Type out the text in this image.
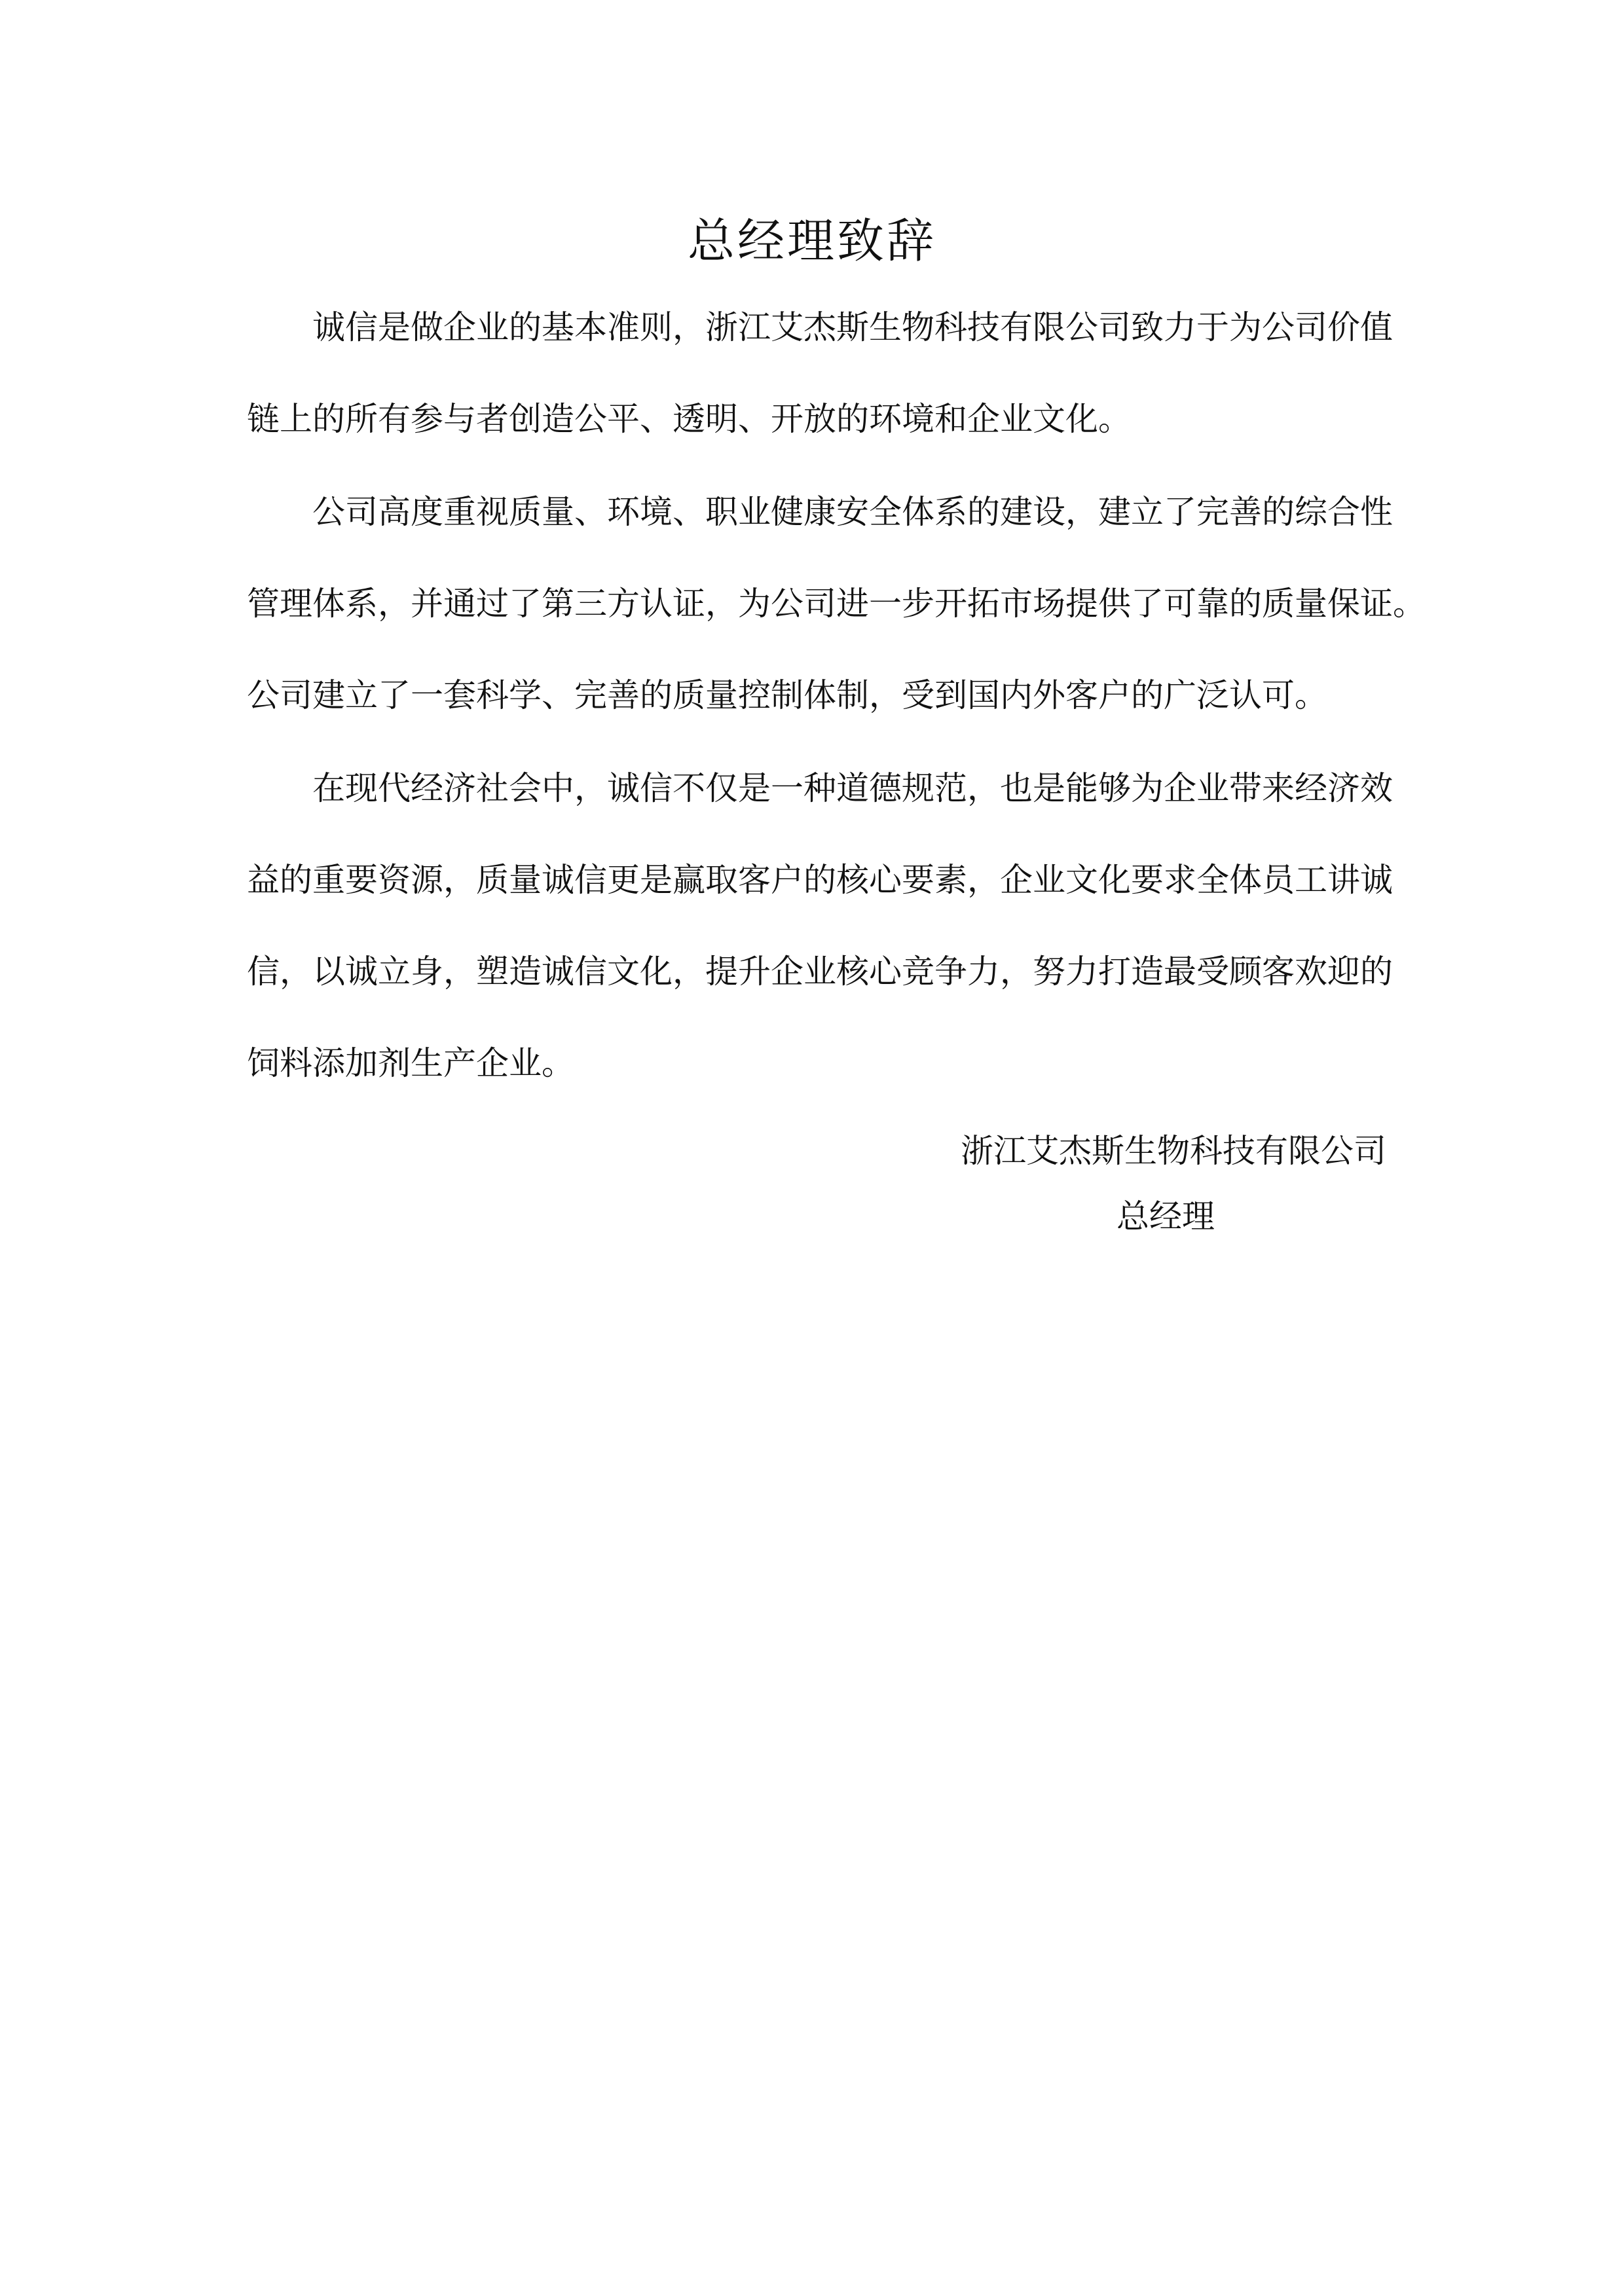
总经理致辞
诚信是做企业的基本准则，浙江艾杰斯生物科技有限公司致力于为公司价值
链上的所有参与者创造公平、透明、开放的环境和企业文化。
公司高度重视质量、环境、职业健康安全体系的建设，建立了完善的综合性
管理体系，并通过了第三方认证，为公司进一步开拓市场提供了可靠的质量保证。
公司建立了一套科学、完善的质量控制体制，受到国内外客户的广泛认可。
在现代经济社会中，诚信不仅是一种道德规范，也是能够为企业带来经济效
益的重要资源，质量诚信更是赢取客户的核心要素，企业文化要求全体员工讲诚
信，以诚立身，塑造诚信文化，提升企业核心竞争力，努力打造最受顾客欢迎的
饲料添加剂生产企业。
浙江艾杰斯生物科技有限公司
总经理
